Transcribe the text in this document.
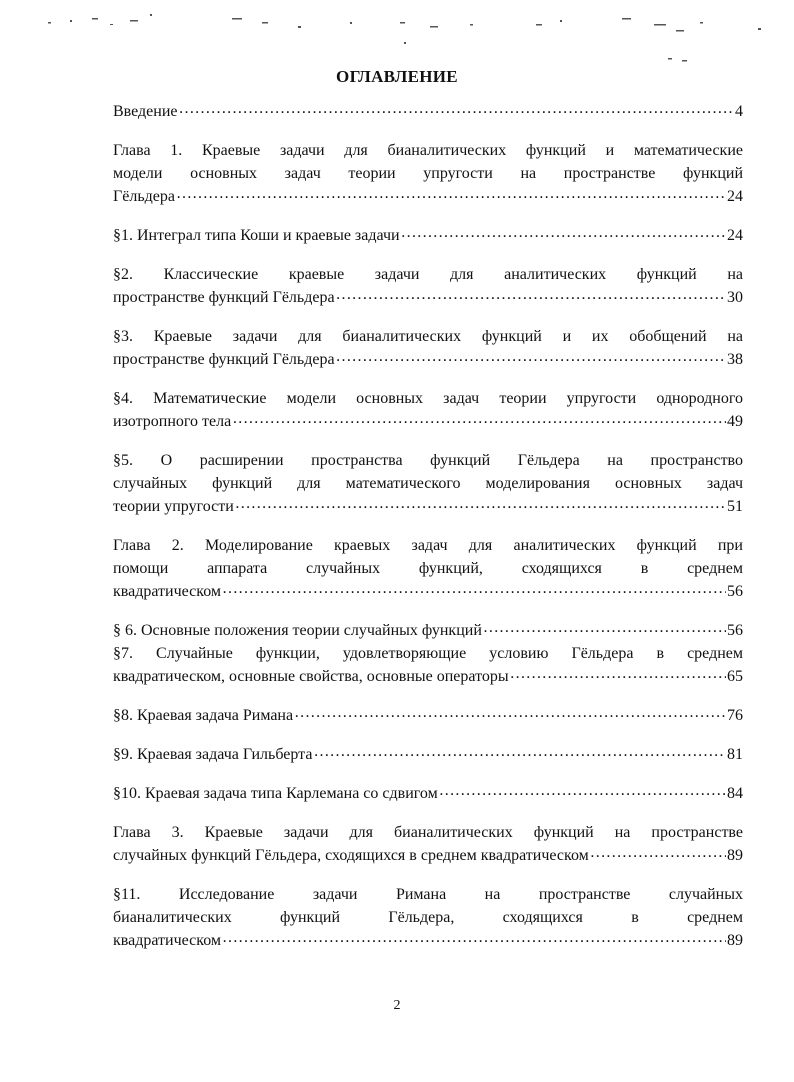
ОГЛАВЛЕНИЕ
Введение ……………………………………………………………………………………………………………………………………………………	4
Глава 1. Краевые задачи для бианалитических функций и математические
модели основных задач теории упругости на пространстве функций
Гёльдера ……………………………………………………………………………………………………………………………………………………	24
§1. Интеграл типа Коши и краевые задачи ……………………………………………………………………………………………………………………………………………………	24
§2. Классические краевые задачи для аналитических функций на
пространстве функций Гёльдера ……………………………………………………………………………………………………………………………………………………	30
§3. Краевые задачи для бианалитических функций и их обобщений на
пространстве функций Гёльдера ……………………………………………………………………………………………………………………………………………………	38
§4. Математические модели основных задач теории упругости однородного
изотропного тела ……………………………………………………………………………………………………………………………………………………	49
§5. О расширении пространства функций Гёльдера на пространство
случайных функций для математического моделирования основных задач
теории упругости ……………………………………………………………………………………………………………………………………………………	51
Глава 2. Моделирование краевых задач для аналитических функций при
помощи аппарата случайных функций, сходящихся в среднем
квадратическом ……………………………………………………………………………………………………………………………………………………	56
§ 6. Основные положения теории случайных функций ……………………………………………………………………………………………………………………………………………………	56
§7. Случайные функции, удовлетворяющие условию Гёльдера в среднем
квадратическом, основные свойства, основные операторы ……………………………………………………………………………………………………………………………………………………	65
§8. Краевая задача Римана ……………………………………………………………………………………………………………………………………………………	76
§9. Краевая задача Гильберта ……………………………………………………………………………………………………………………………………………………	81
§10. Краевая задача типа Карлемана со сдвигом ……………………………………………………………………………………………………………………………………………………	84
Глава 3. Краевые задачи для бианалитических функций на пространстве
случайных функций Гёльдера, сходящихся в среднем квадратическом ……………………………………………………………………………………………………………………………………………………	89
§11. Исследование задачи Римана на пространстве случайных
бианалитических функций Гёльдера, сходящихся в среднем
квадратическом ……………………………………………………………………………………………………………………………………………………	89
2
